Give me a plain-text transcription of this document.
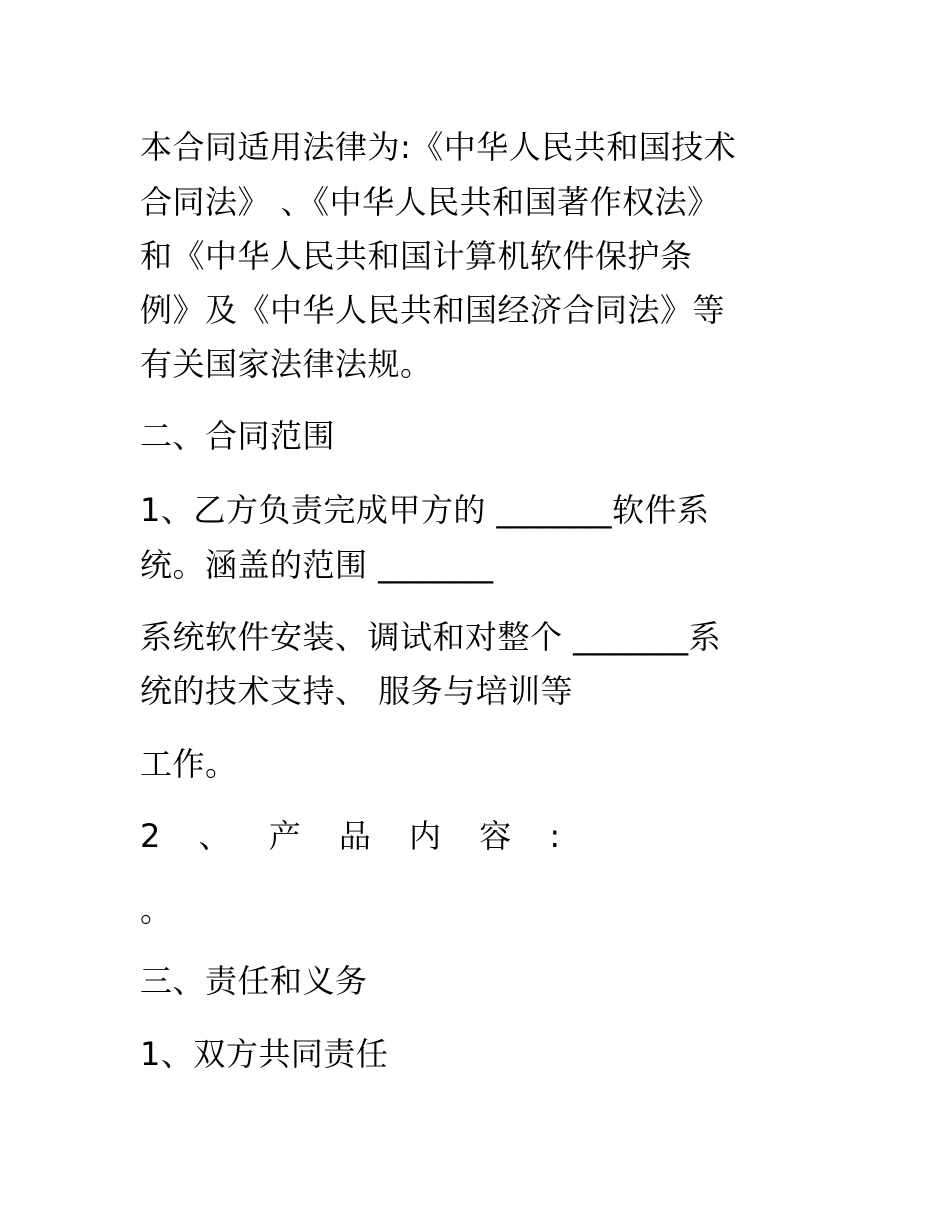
本合同适用法律为:《中华人民共和国技术
合同法》 、《中华人民共和国著作权法》
和《中华人民共和国计算机软件保护条
例》及《中华人民共和国经济合同法》等
有关国家法律法规。
二、合同范围
1、乙方负责完成甲方的 _______软件系
统。涵盖的范围 _______
系统软件安装、调试和对整个 _______系
统的技术支持、 服务与培训等
工作。
2 、 产 品 内 容 :
。
三、责任和义务
1、双方共同责任
